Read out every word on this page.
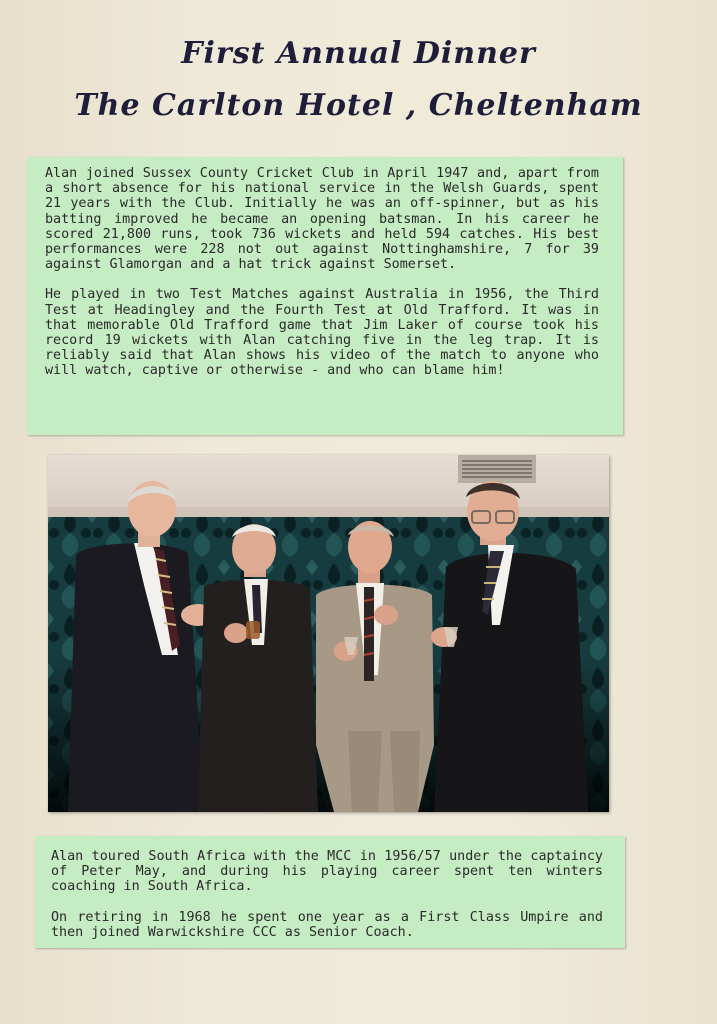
First Annual Dinner
The Carlton Hotel , Cheltenham

Alan joined Sussex County Cricket Club in April 1947 and, apart from a short absence for his national service in the Welsh Guards, spent 21 years with the Club. Initially he was an off-spinner, but as his batting improved he became an opening batsman. In his career he scored 21,800 runs, took 736 wickets and held 594 catches. His best performances were 228 not out against Nottinghamshire, 7 for 39 against Glamorgan and a hat trick against Somerset.

He played in two Test Matches against Australia in 1956, the Third Test at Headingley and the Fourth Test at Old Trafford. It was in that memorable Old Trafford game that Jim Laker of course took his record 19 wickets with Alan catching five in the leg trap. It is reliably said that Alan shows his video of the match to anyone who will watch, captive or otherwise - and who can blame him!

Alan toured South Africa with the MCC in 1956/57 under the captaincy of Peter May, and during his playing career spent ten winters coaching in South Africa.

On retiring in 1968 he spent one year as a First Class Umpire and then joined Warwickshire CCC as Senior Coach.
